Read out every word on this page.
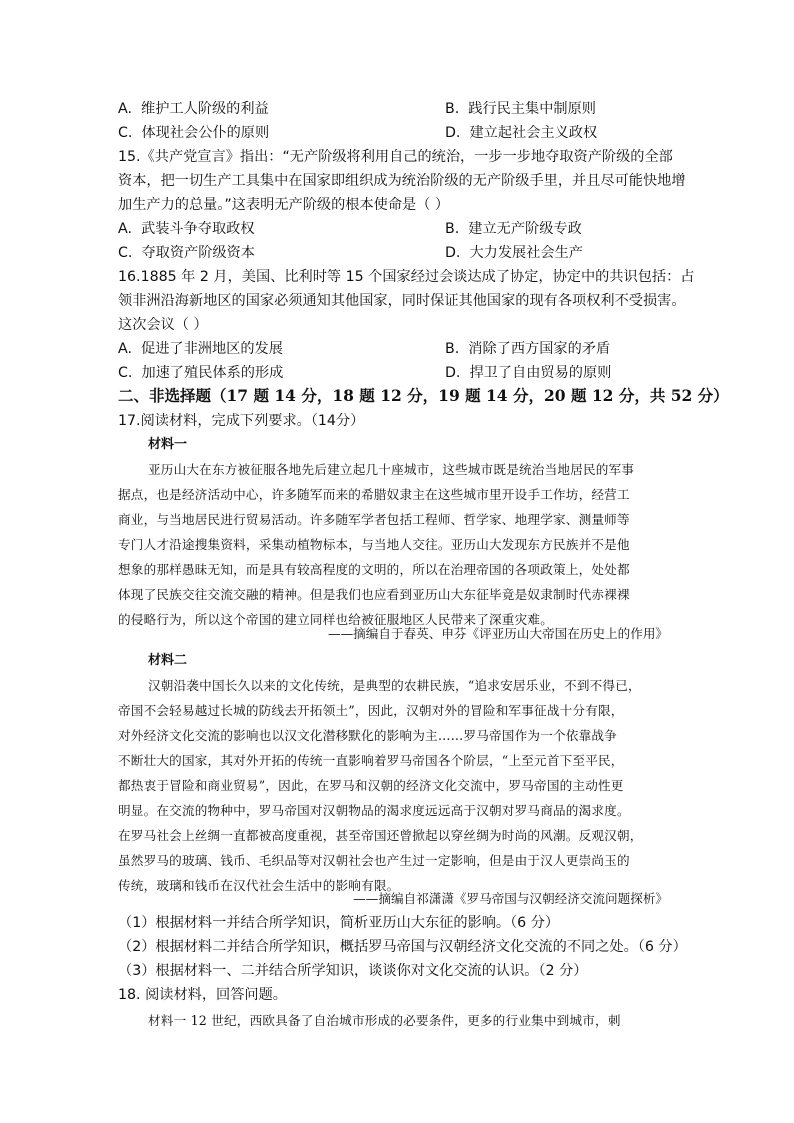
A. 维护工人阶级的利益	B. 践行民主集中制原则
C. 体现社会公仆的原则	D. 建立起社会主义政权
15.《共产党宣言》指出：“无产阶级将利用自己的统治，一步一步地夺取资产阶级的全部
资本，把一切生产工具集中在国家即组织成为统治阶级的无产阶级手里，并且尽可能快地增
加生产力的总量。”这表明无产阶级的根本使命是（ ）
A. 武装斗争夺取政权	B. 建立无产阶级专政
C. 夺取资产阶级资本	D. 大力发展社会生产
16.1885 年 2 月，美国、比利时等 15 个国家经过会谈达成了协定，协定中的共识包括：占
领非洲沿海新地区的国家必须通知其他国家，同时保证其他国家的现有各项权利不受损害。
这次会议（ ）
A. 促进了非洲地区的发展	B. 消除了西方国家的矛盾
C. 加速了殖民体系的形成	D. 捍卫了自由贸易的原则
二、非选择题（17 题 14 分，18 题 12 分，19 题 14 分，20 题 12 分，共 52 分）
17.阅读材料，完成下列要求。（14分）
材料一
亚历山大在东方被征服各地先后建立起几十座城市，这些城市既是统治当地居民的军事
据点，也是经济活动中心，许多随军而来的希腊奴隶主在这些城市里开设手工作坊，经营工
商业，与当地居民进行贸易活动。许多随军学者包括工程师、哲学家、地理学家、测量师等
专门人才沿途搜集资料，采集动植物标本，与当地人交往。亚历山大发现东方民族并不是他
想象的那样愚昧无知，而是具有较高程度的文明的，所以在治理帝国的各项政策上，处处都
体现了民族交往交流交融的精神。但是我们也应看到亚历山大东征毕竟是奴隶制时代赤裸裸
的侵略行为，所以这个帝国的建立同样也给被征服地区人民带来了深重灾难。
——摘编自于春英、申芬《评亚历山大帝国在历史上的作用》
材料二
汉朝沿袭中国长久以来的文化传统，是典型的农耕民族，“追求安居乐业，不到不得已，
帝国不会轻易越过长城的防线去开拓领土”，因此，汉朝对外的冒险和军事征战十分有限，
对外经济文化交流的影响也以汉文化潜移默化的影响为主……罗马帝国作为一个依靠战争
不断壮大的国家，其对外开拓的传统一直影响着罗马帝国各个阶层，“上至元首下至平民，
都热衷于冒险和商业贸易”，因此，在罗马和汉朝的经济文化交流中，罗马帝国的主动性更
明显。在交流的物种中，罗马帝国对汉朝物品的渴求度远远高于汉朝对罗马商品的渴求度。
在罗马社会上丝绸一直都被高度重视，甚至帝国还曾掀起以穿丝绸为时尚的风潮。反观汉朝，
虽然罗马的玻璃、钱币、毛织品等对汉朝社会也产生过一定影响，但是由于汉人更崇尚玉的
传统，玻璃和钱币在汉代社会生活中的影响有限。
——摘编自祁潇潇《罗马帝国与汉朝经济交流问题探析》
（1）根据材料一并结合所学知识，简析亚历山大东征的影响。（6 分）
（2）根据材料二并结合所学知识，概括罗马帝国与汉朝经济文化交流的不同之处。（6 分）
（3）根据材料一、二并结合所学知识，谈谈你对文化交流的认识。（2 分）
18. 阅读材料，回答问题。
材料一 12 世纪，西欧具备了自治城市形成的必要条件，更多的行业集中到城市，刺
